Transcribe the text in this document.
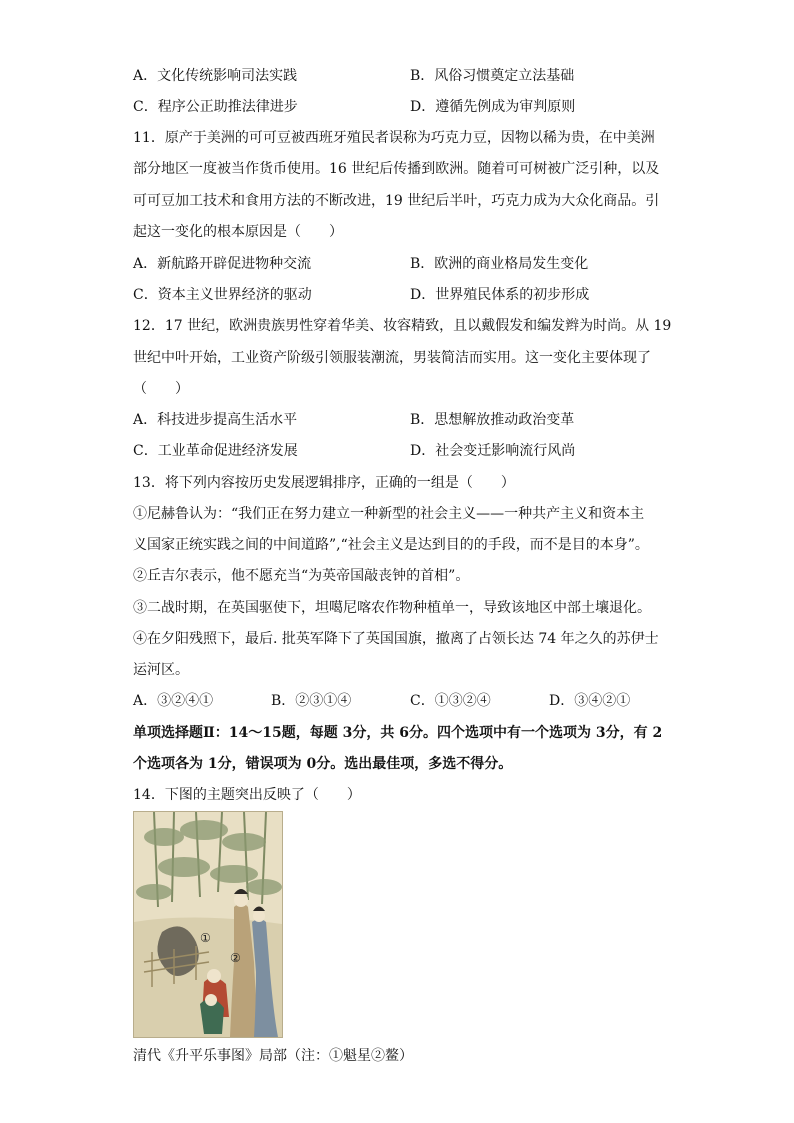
A．文化传统影响司法实践	B．风俗习惯奠定立法基础
C．程序公正助推法律进步	D．遵循先例成为审判原则
11．原产于美洲的可可豆被西班牙殖民者误称为巧克力豆，因物以稀为贵，在中美洲
部分地区一度被当作货币使用。16 世纪后传播到欧洲。随着可可树被广泛引种，以及
可可豆加工技术和食用方法的不断改进，19 世纪后半叶，巧克力成为大众化商品。引
起这一变化的根本原因是（　　）
A．新航路开辟促进物种交流	B．欧洲的商业格局发生变化
C．资本主义世界经济的驱动	D．世界殖民体系的初步形成
12．17 世纪，欧洲贵族男性穿着华美、妆容精致，且以戴假发和编发辫为时尚。从 19
世纪中叶开始，工业资产阶级引领服装潮流，男装简洁而实用。这一变化主要体现了
（　　）
A．科技进步提高生活水平	B．思想解放推动政治变革
C．工业革命促进经济发展	D．社会变迁影响流行风尚
13．将下列内容按历史发展逻辑排序，正确的一组是（　　）
①尼赫鲁认为：“我们正在努力建立一种新型的社会主义——一种共产主义和资本主
义国家正统实践之间的中间道路”,“社会主义是达到目的的手段，而不是目的本身”。
②丘吉尔表示，他不愿充当“为英帝国敲丧钟的首相”。
③二战时期，在英国驱使下，坦噶尼喀农作物种植单一，导致该地区中部土壤退化。
④在夕阳残照下，最后. 批英军降下了英国国旗，撤离了占领长达 74 年之久的苏伊士
运河区。
A．③②④①	B．②③①④	C．①③②④	D．③④②①
单项选择题Ⅱ：14～15题，每题 3分，共 6分。四个选项中有一个选项为 3分，有 2
个选项各为 1分，错误项为 0分。选出最佳项，多选不得分。
14．下图的主题突出反映了（　　）
①
②
清代《升平乐事图》局部（注：①魁星②鳌）
